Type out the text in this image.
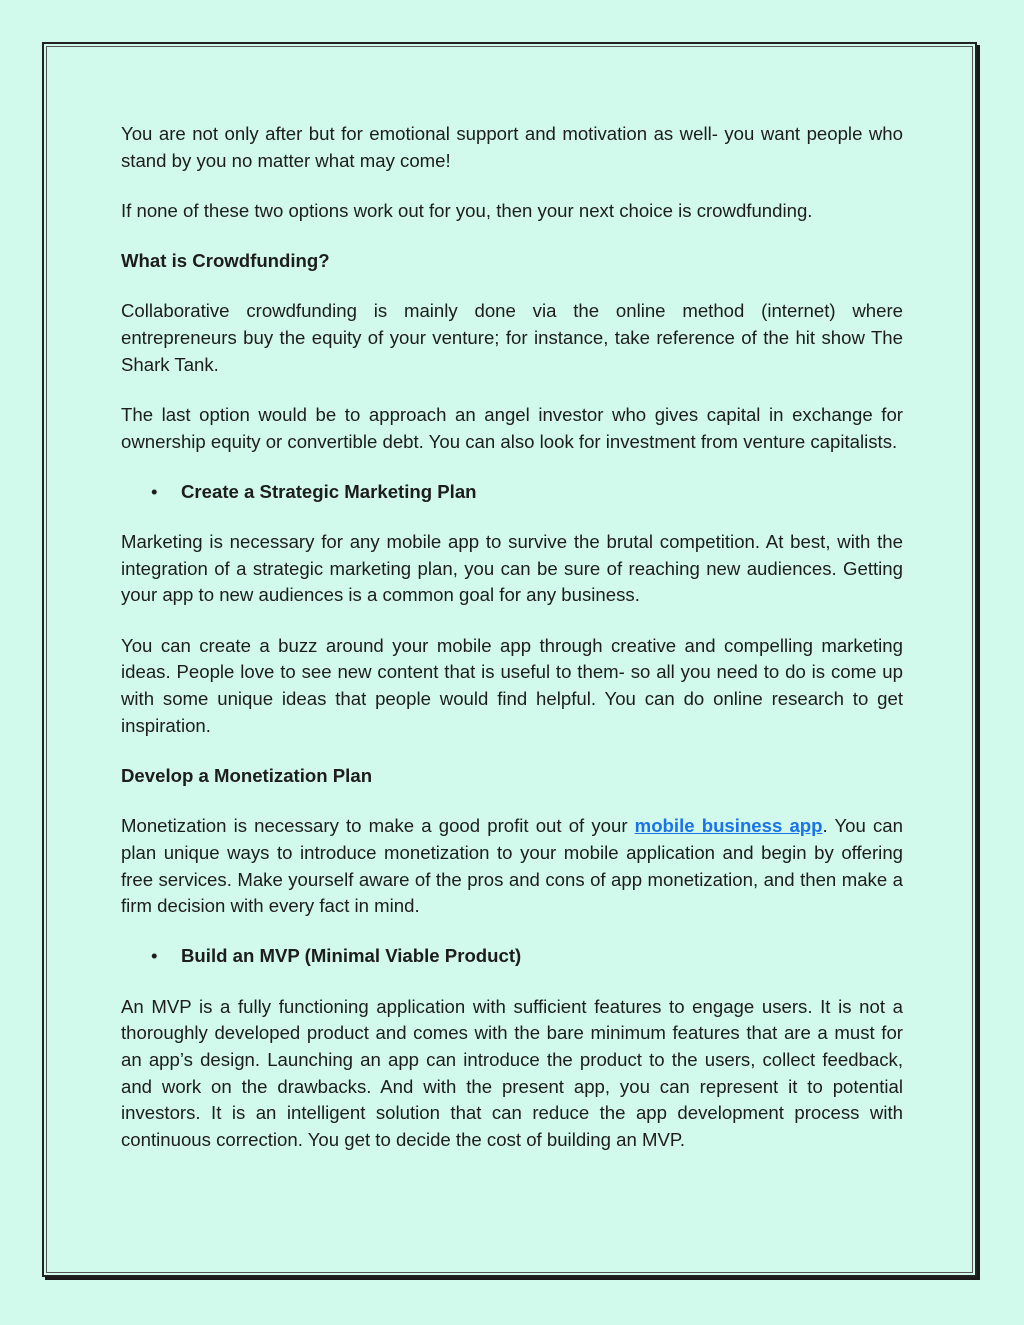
You are not only after but for emotional support and motivation as well- you want people who stand by you no matter what may come!

If none of these two options work out for you, then your next choice is crowdfunding.

What is Crowdfunding?

Collaborative crowdfunding is mainly done via the online method (internet) where entrepreneurs buy the equity of your venture; for instance, take reference of the hit show The Shark Tank.

The last option would be to approach an angel investor who gives capital in exchange for ownership equity or convertible debt. You can also look for investment from venture capitalists.

• Create a Strategic Marketing Plan

Marketing is necessary for any mobile app to survive the brutal competition. At best, with the integration of a strategic marketing plan, you can be sure of reaching new audiences. Getting your app to new audiences is a common goal for any business.

You can create a buzz around your mobile app through creative and compelling marketing ideas. People love to see new content that is useful to them- so all you need to do is come up with some unique ideas that people would find helpful. You can do online research to get inspiration.

Develop a Monetization Plan

Monetization is necessary to make a good profit out of your mobile business app. You can plan unique ways to introduce monetization to your mobile application and begin by offering free services. Make yourself aware of the pros and cons of app monetization, and then make a firm decision with every fact in mind.

• Build an MVP (Minimal Viable Product)

An MVP is a fully functioning application with sufficient features to engage users. It is not a thoroughly developed product and comes with the bare minimum features that are a must for an app’s design. Launching an app can introduce the product to the users, collect feedback, and work on the drawbacks. And with the present app, you can represent it to potential investors. It is an intelligent solution that can reduce the app development process with continuous correction. You get to decide the cost of building an MVP.
